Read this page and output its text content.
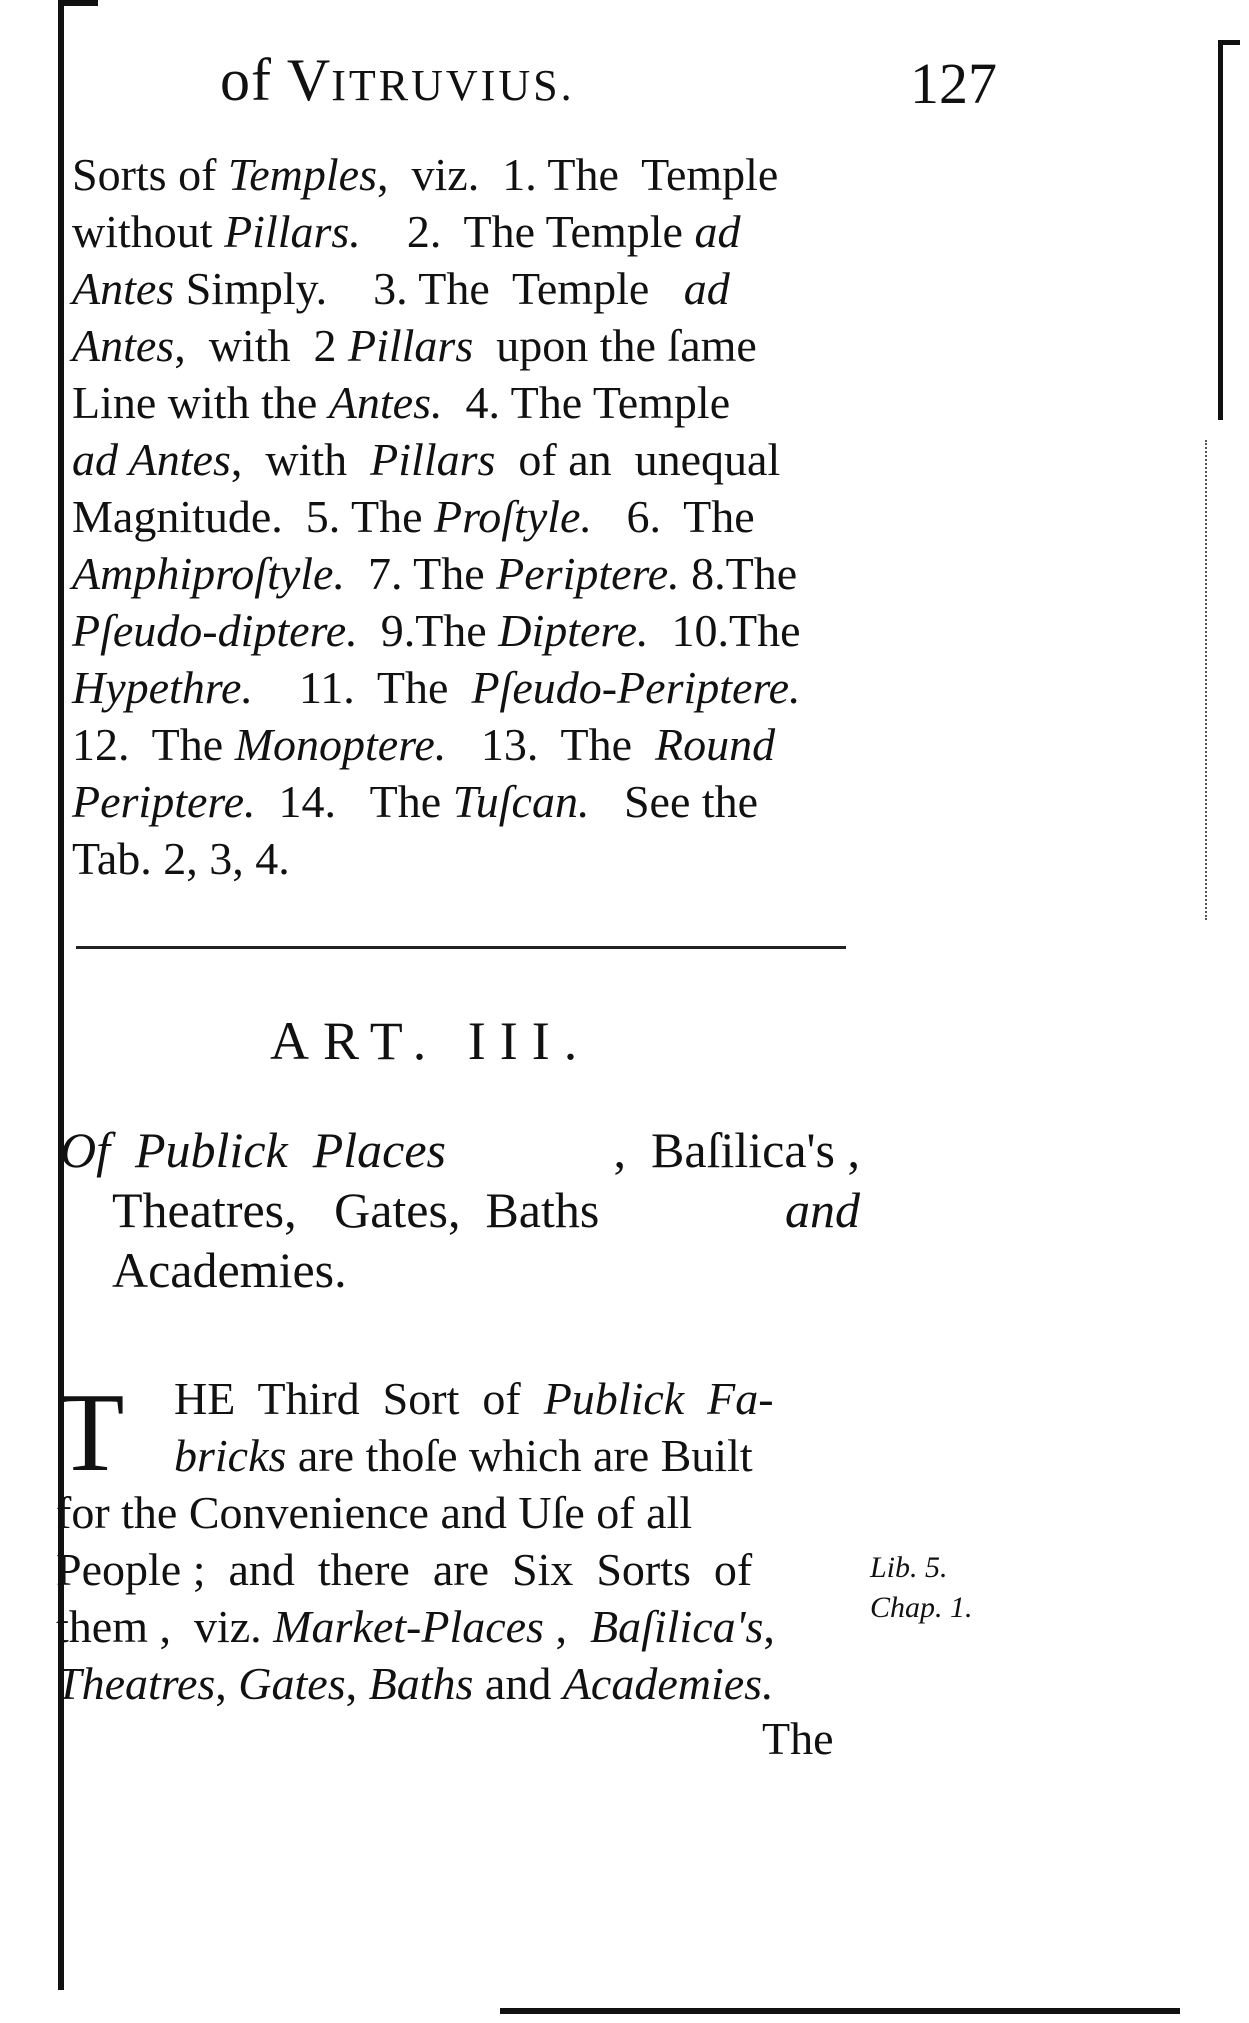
of VITRUVIUS.	127
Sorts of Temples,  viz.  1. The  Temple
without Pillars.    2.  The Temple ad
Antes Simply.    3. The  Temple   ad
Antes,  with  2 Pillars  upon the ſame
Line with the Antes.  4. The Temple
ad Antes,  with  Pillars  of an  unequal
Magnitude.  5. The Proſtyle.   6.  The
Amphiproſtyle.  7. The Periptere. 8.The
Pſeudo-diptere.  9.The Diptere.  10.The
Hypethre.    11.  The  Pſeudo-Periptere.
12.  The Monoptere.   13.  The  Round
Periptere.  14.   The Tuſcan.   See the
Tab. 2, 3, 4.
ART. III.
Of  Publick  Places	,  Baſilica's ,
Theatres,   Gates,  Baths	and
Academies.
T	HE  Third  Sort  of  Publick  Fa-
bricks are thoſe which are Built
for the Convenience and Uſe of all
People ;  and  there  are  Six  Sorts  of
them ,  viz. Market-Places ,  Baſilica's,
Theatres, Gates, Baths and Academies.
Lib. 5.
Chap. 1.
The
